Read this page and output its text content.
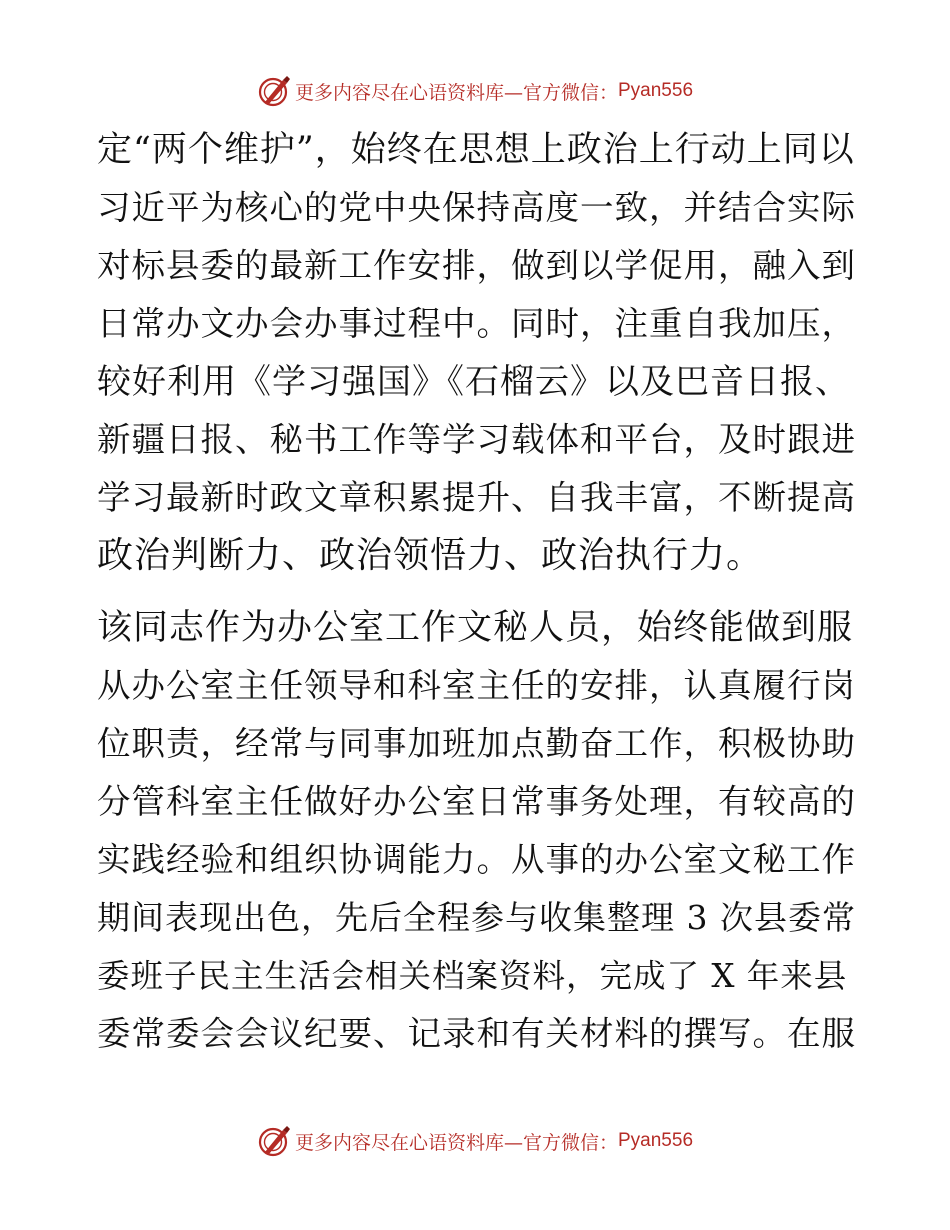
更多内容尽在心语资料库—官方微信： Pyan556
定“两个维护”，始终在思想上政治上行动上同以
习近平为核心的党中央保持高度一致，并结合实际
对标县委的最新工作安排，做到以学促用，融入到
日常办文办会办事过程中。同时，注重自我加压，
较好利用《学习强国》《石榴云》以及巴音日报、
新疆日报、秘书工作等学习载体和平台，及时跟进
学习最新时政文章积累提升、自我丰富，不断提高
政治判断力、政治领悟力、政治执行力。
该同志作为办公室工作文秘人员，始终能做到服
从办公室主任领导和科室主任的安排，认真履行岗
位职责，经常与同事加班加点勤奋工作，积极协助
分管科室主任做好办公室日常事务处理，有较高的
实践经验和组织协调能力。从事的办公室文秘工作
期间表现出色，先后全程参与收集整理 3 次县委常
委班子民主生活会相关档案资料，完成了 X 年来县
委常委会会议纪要、记录和有关材料的撰写。在服
更多内容尽在心语资料库—官方微信： Pyan556
